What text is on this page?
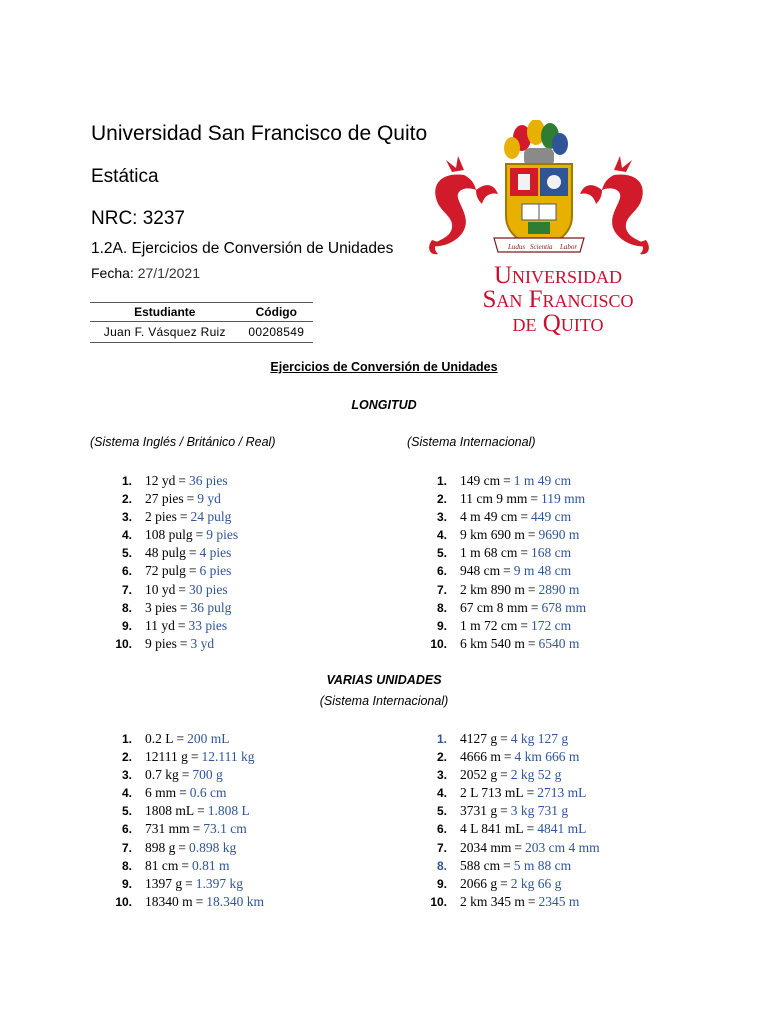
Universidad San Francisco de Quito
Estática
NRC: 3237
1.2A. Ejercicios de Conversión de Unidades
Fecha: 27/1/2021
Estudiante	Código
Juan F. Vásquez Ruiz	00208549
Ludus Scientia Labor
Universidad
San Francisco
de Quito
Ejercicios de Conversión de Unidades
LONGITUD
(Sistema Inglés / Británico / Real)	(Sistema Internacional)
1. 12 yd = 36 pies
2. 27 pies = 9 yd
3. 2 pies = 24 pulg
4. 108 pulg = 9 pies
5. 48 pulg = 4 pies
6. 72 pulg = 6 pies
7. 10 yd = 30 pies
8. 3 pies = 36 pulg
9. 11 yd = 33 pies
10. 9 pies = 3 yd
1. 149 cm = 1 m 49 cm
2. 11 cm 9 mm = 119 mm
3. 4 m 49 cm = 449 cm
4. 9 km 690 m = 9690 m
5. 1 m 68 cm = 168 cm
6. 948 cm = 9 m 48 cm
7. 2 km 890 m = 2890 m
8. 67 cm 8 mm = 678 mm
9. 1 m 72 cm = 172 cm
10. 6 km 540 m = 6540 m
VARIAS UNIDADES
(Sistema Internacional)
1. 0.2 L = 200 mL
2. 12111 g = 12.111 kg
3. 0.7 kg = 700 g
4. 6 mm = 0.6 cm
5. 1808 mL = 1.808 L
6. 731 mm = 73.1 cm
7. 898 g = 0.898 kg
8. 81 cm = 0.81 m
9. 1397 g = 1.397 kg
10. 18340 m = 18.340 km
1. 4127 g = 4 kg 127 g
2. 4666 m = 4 km 666 m
3. 2052 g = 2 kg 52 g
4. 2 L 713 mL = 2713 mL
5. 3731 g = 3 kg 731 g
6. 4 L 841 mL = 4841 mL
7. 2034 mm = 203 cm 4 mm
8. 588 cm = 5 m 88 cm
9. 2066 g = 2 kg 66 g
10. 2 km 345 m = 2345 m
